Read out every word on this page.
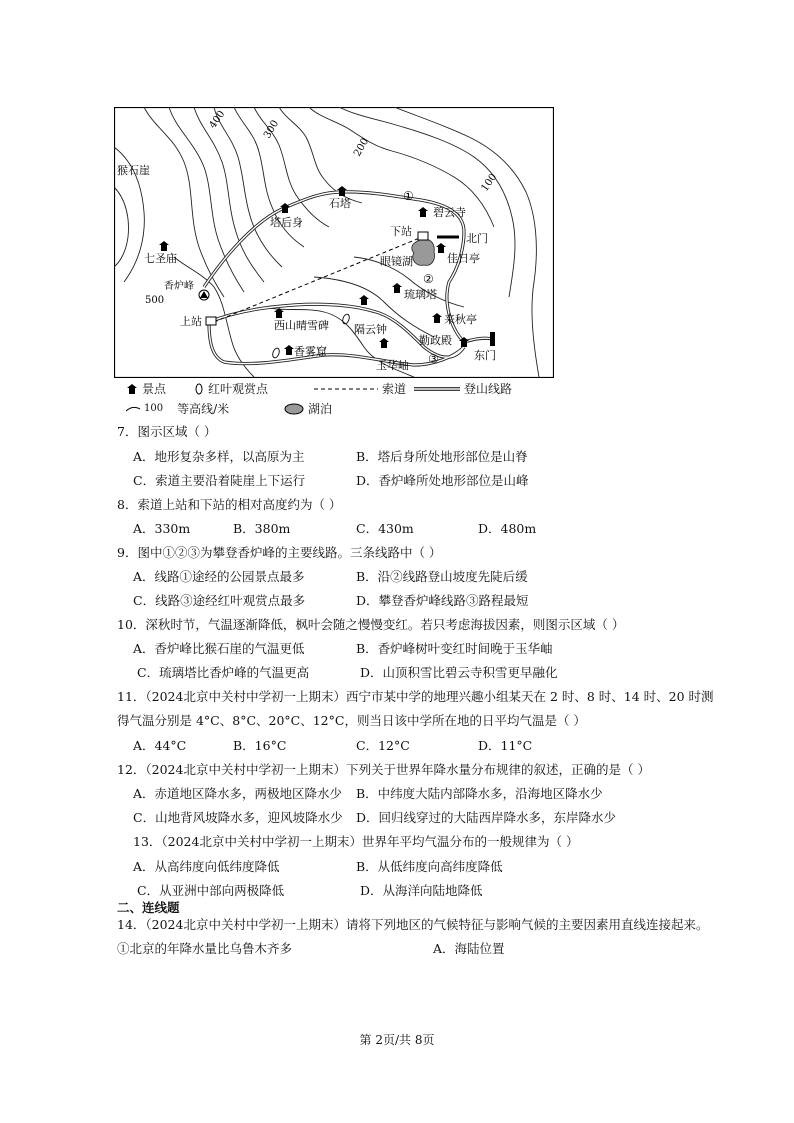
400	300
200
100
500
①
②
③
猴石崖
七圣庙
香炉峰
上站
塔后身
石塔
碧云寺
下站
北门
眼镜湖	佳日亭
琉璃塔
来秋亭
西山晴雪碑 隔云钟
香雾窟
玉华岫
勤政殿
东门
景点	红叶观赏点	索道	登山线路
100 等高线/米	湖泊
7．图示区域（ ）
A．地形复杂多样，以高原为主	B．塔后身所处地形部位是山脊
C．索道主要沿着陡崖上下运行	D．香炉峰所处地形部位是山峰
8．索道上站和下站的相对高度约为（ ）
A．330m	B．380m	C．430m	D．480m
9．图中①②③为攀登香炉峰的主要线路。三条线路中（ ）
A．线路①途经的公园景点最多	B．沿②线路登山坡度先陡后缓
C．线路③途经红叶观赏点最多	D．攀登香炉峰线路③路程最短
10．深秋时节，气温逐渐降低，枫叶会随之慢慢变红。若只考虑海拔因素，则图示区域（ ）
A．香炉峰比猴石崖的气温更低	B．香炉峰树叶变红时间晚于玉华岫
C．琉璃塔比香炉峰的气温更高	D．山顶积雪比碧云寺积雪更早融化
11．（2024北京中关村中学初一上期末）西宁市某中学的地理兴趣小组某天在 2 时、8 时、14 时、20 时测
得气温分别是 4°C、8°C、20°C、12°C，则当日该中学所在地的日平均气温是（ ）
A．44°C	B．16°C	C．12°C	D．11°C
12．（2024北京中关村中学初一上期末）下列关于世界年降水量分布规律的叙述，正确的是（ ）
A．赤道地区降水多，两极地区降水少 B．中纬度大陆内部降水多，沿海地区降水少
C．山地背风坡降水多，迎风坡降水少 D．回归线穿过的大陆西岸降水多，东岸降水少
13．（2024北京中关村中学初一上期末）世界年平均气温分布的一般规律为（ ）
A．从高纬度向低纬度降低	B．从低纬度向高纬度降低
C．从亚洲中部向两极降低	D．从海洋向陆地降低
二、连线题
14．（2024北京中关村中学初一上期末）请将下列地区的气候特征与影响气候的主要因素用直线连接起来。
①北京的年降水量比乌鲁木齐多	A．海陆位置
第 2页/共 8页
